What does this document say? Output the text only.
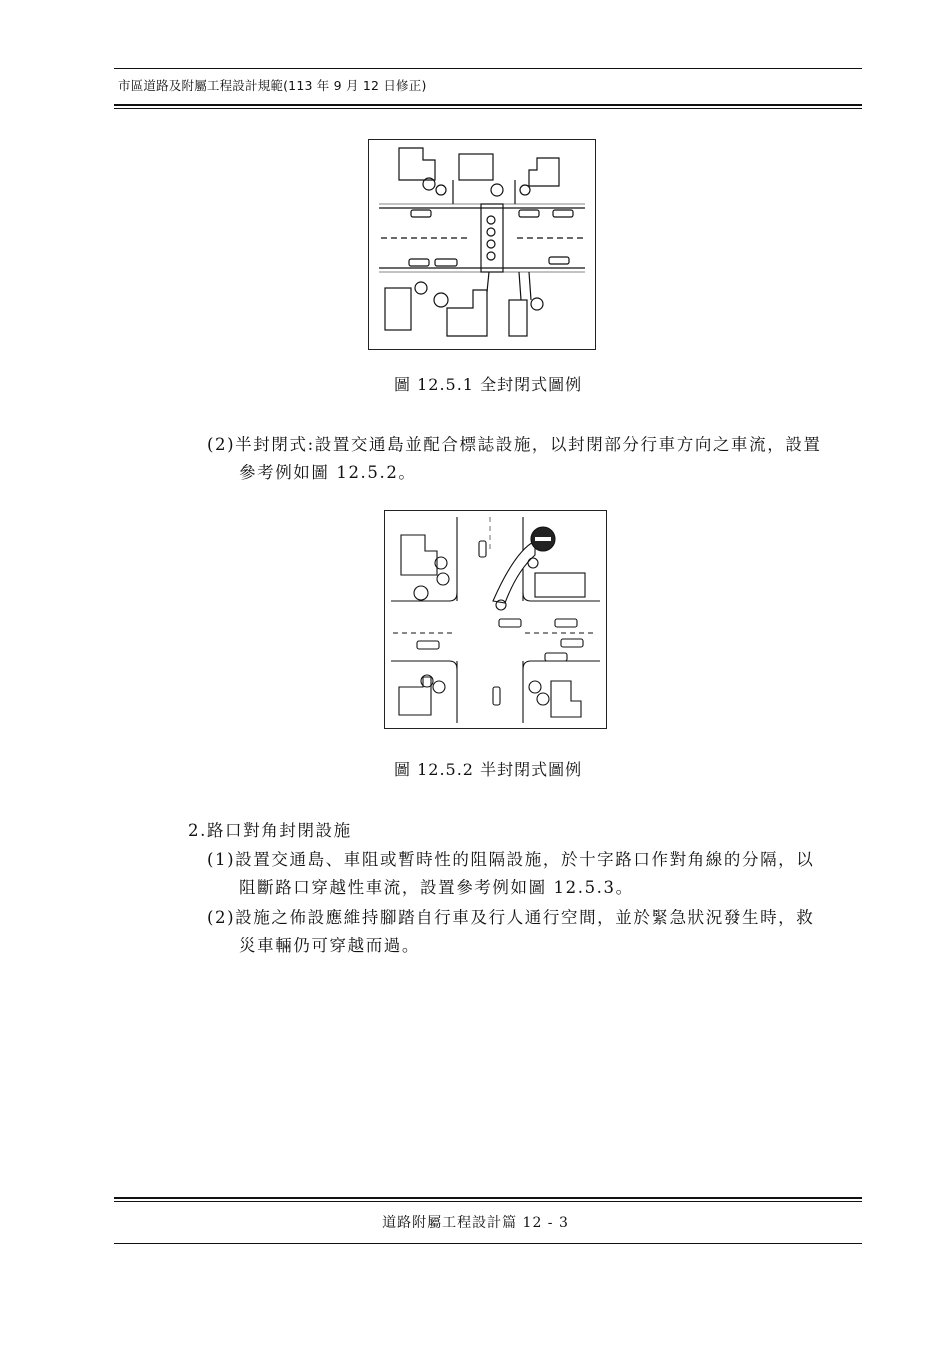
市區道路及附屬工程設計規範(113 年 9 月 12 日修正)
圖 12.5.1 全封閉式圖例
(2)半封閉式:設置交通島並配合標誌設施，以封閉部分行車方向之車流，設置
參考例如圖 12.5.2。
圖 12.5.2 半封閉式圖例
2.路口對角封閉設施
(1)設置交通島、車阻或暫時性的阻隔設施，於十字路口作對角線的分隔，以
阻斷路口穿越性車流，設置參考例如圖 12.5.3。
(2)設施之佈設應維持腳踏自行車及行人通行空間，並於緊急狀況發生時，救
災車輛仍可穿越而過。
道路附屬工程設計篇 12 - 3
